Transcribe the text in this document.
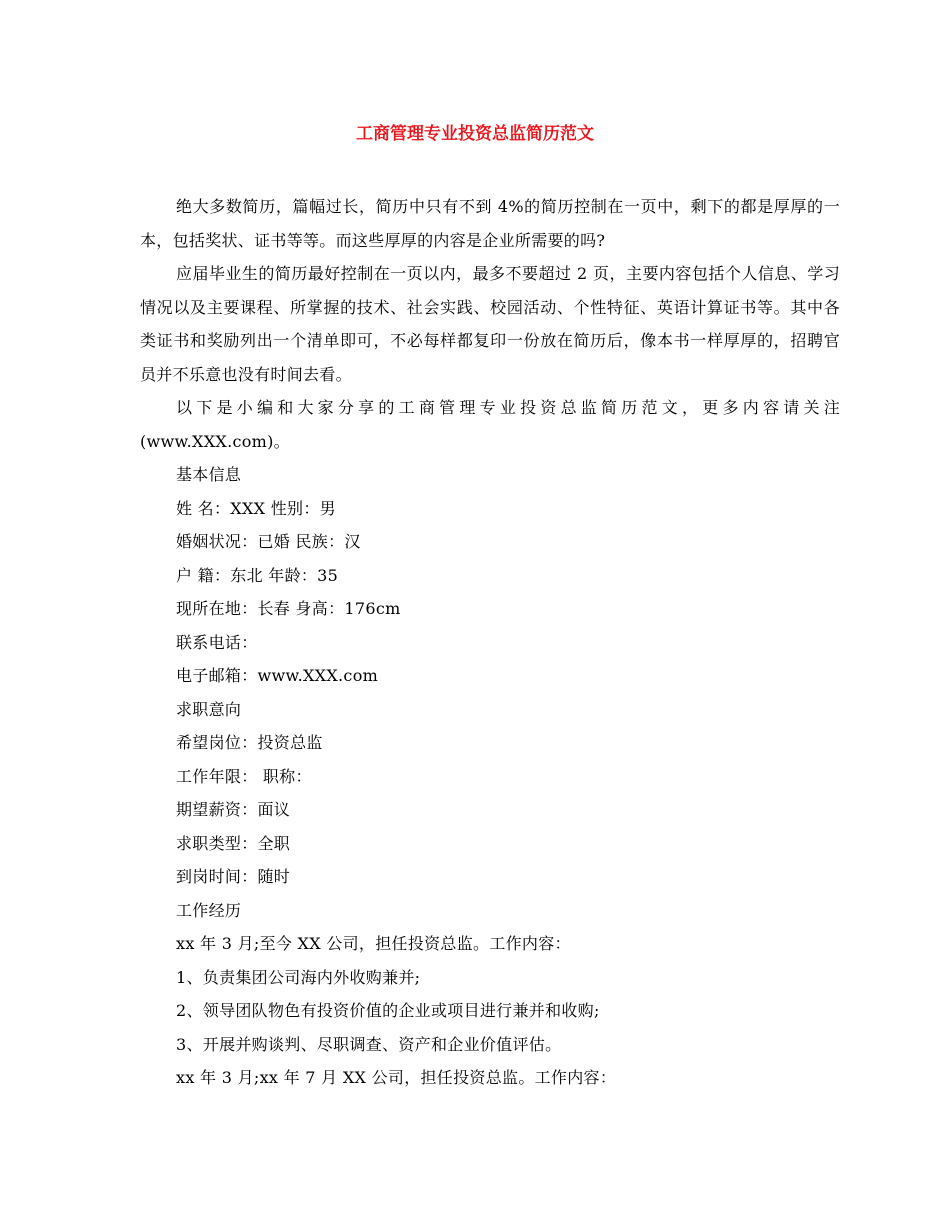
工商管理专业投资总监简历范文

绝大多数简历，篇幅过长，简历中只有不到 4%的简历控制在一页中，剩下的都是厚厚的一本，包括奖状、证书等等。而这些厚厚的内容是企业所需要的吗?

应届毕业生的简历最好控制在一页以内，最多不要超过 2 页，主要内容包括个人信息、学习情况以及主要课程、所掌握的技术、社会实践、校园活动、个性特征、英语计算证书等。其中各类证书和奖励列出一个清单即可，不必每样都复印一份放在简历后，像本书一样厚厚的，招聘官员并不乐意也没有时间去看。

以下是小编和大家分享的工商管理专业投资总监简历范文，更多内容请关注(www.XXX.com)。

基本信息

姓 名：XXX 性别：男

婚姻状况：已婚 民族：汉

户 籍：东北 年龄：35

现所在地：长春 身高：176cm

联系电话：

电子邮箱：www.XXX.com

求职意向

希望岗位：投资总监

工作年限： 职称：

期望薪资：面议

求职类型：全职

到岗时间：随时

工作经历

xx 年 3 月;至今 XX 公司，担任投资总监。工作内容：

1、负责集团公司海内外收购兼并;

2、领导团队物色有投资价值的企业或项目进行兼并和收购;

3、开展并购谈判、尽职调查、资产和企业价值评估。

xx 年 3 月;xx 年 7 月 XX 公司，担任投资总监。工作内容：
